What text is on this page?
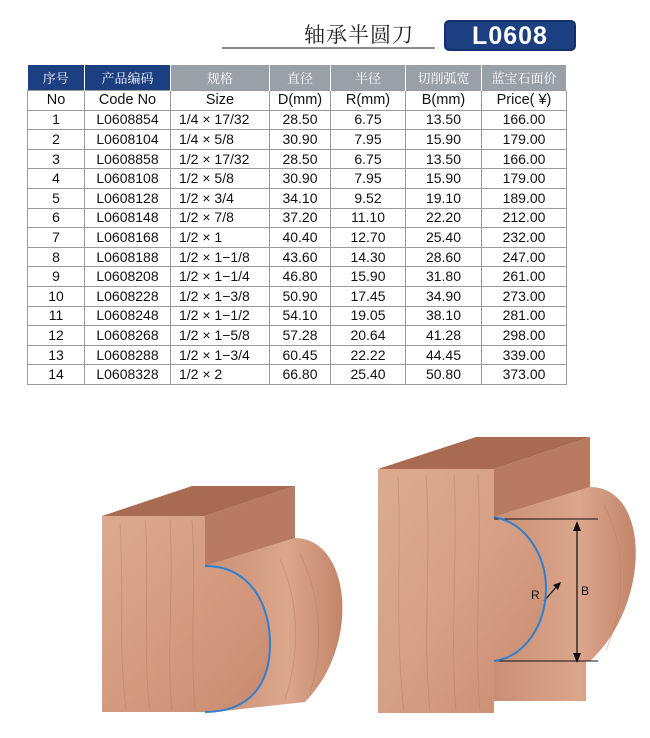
轴承半圆刀	L0608
序号	产品编码	规格	直径	半径	切削弧宽	蓝宝石面价
No	Code No	Size	D(mm)	R(mm)	B(mm)	Price( ¥)
1	L0608854	1/4 × 17/32	28.50	6.75	13.50	166.00
2	L0608104	1/4 × 5/8	30.90	7.95	15.90	179.00
3	L0608858	1/2 × 17/32	28.50	6.75	13.50	166.00
4	L0608108	1/2 × 5/8	30.90	7.95	15.90	179.00
5	L0608128	1/2 × 3/4	34.10	9.52	19.10	189.00
6	L0608148	1/2 × 7/8	37.20	11.10	22.20	212.00
7	L0608168	1/2 × 1	40.40	12.70	25.40	232.00
8	L0608188	1/2 × 1−1/8	43.60	14.30	28.60	247.00
9	L0608208	1/2 × 1−1/4	46.80	15.90	31.80	261.00
10	L0608228	1/2 × 1−3/8	50.90	17.45	34.90	273.00
11	L0608248	1/2 × 1−1/2	54.10	19.05	38.10	281.00
12	L0608268	1/2 × 1−5/8	57.28	20.64	41.28	298.00
13	L0608288	1/2 × 1−3/4	60.45	22.22	44.45	339.00
14	L0608328	1/2 × 2	66.80	25.40	50.80	373.00
R	B
